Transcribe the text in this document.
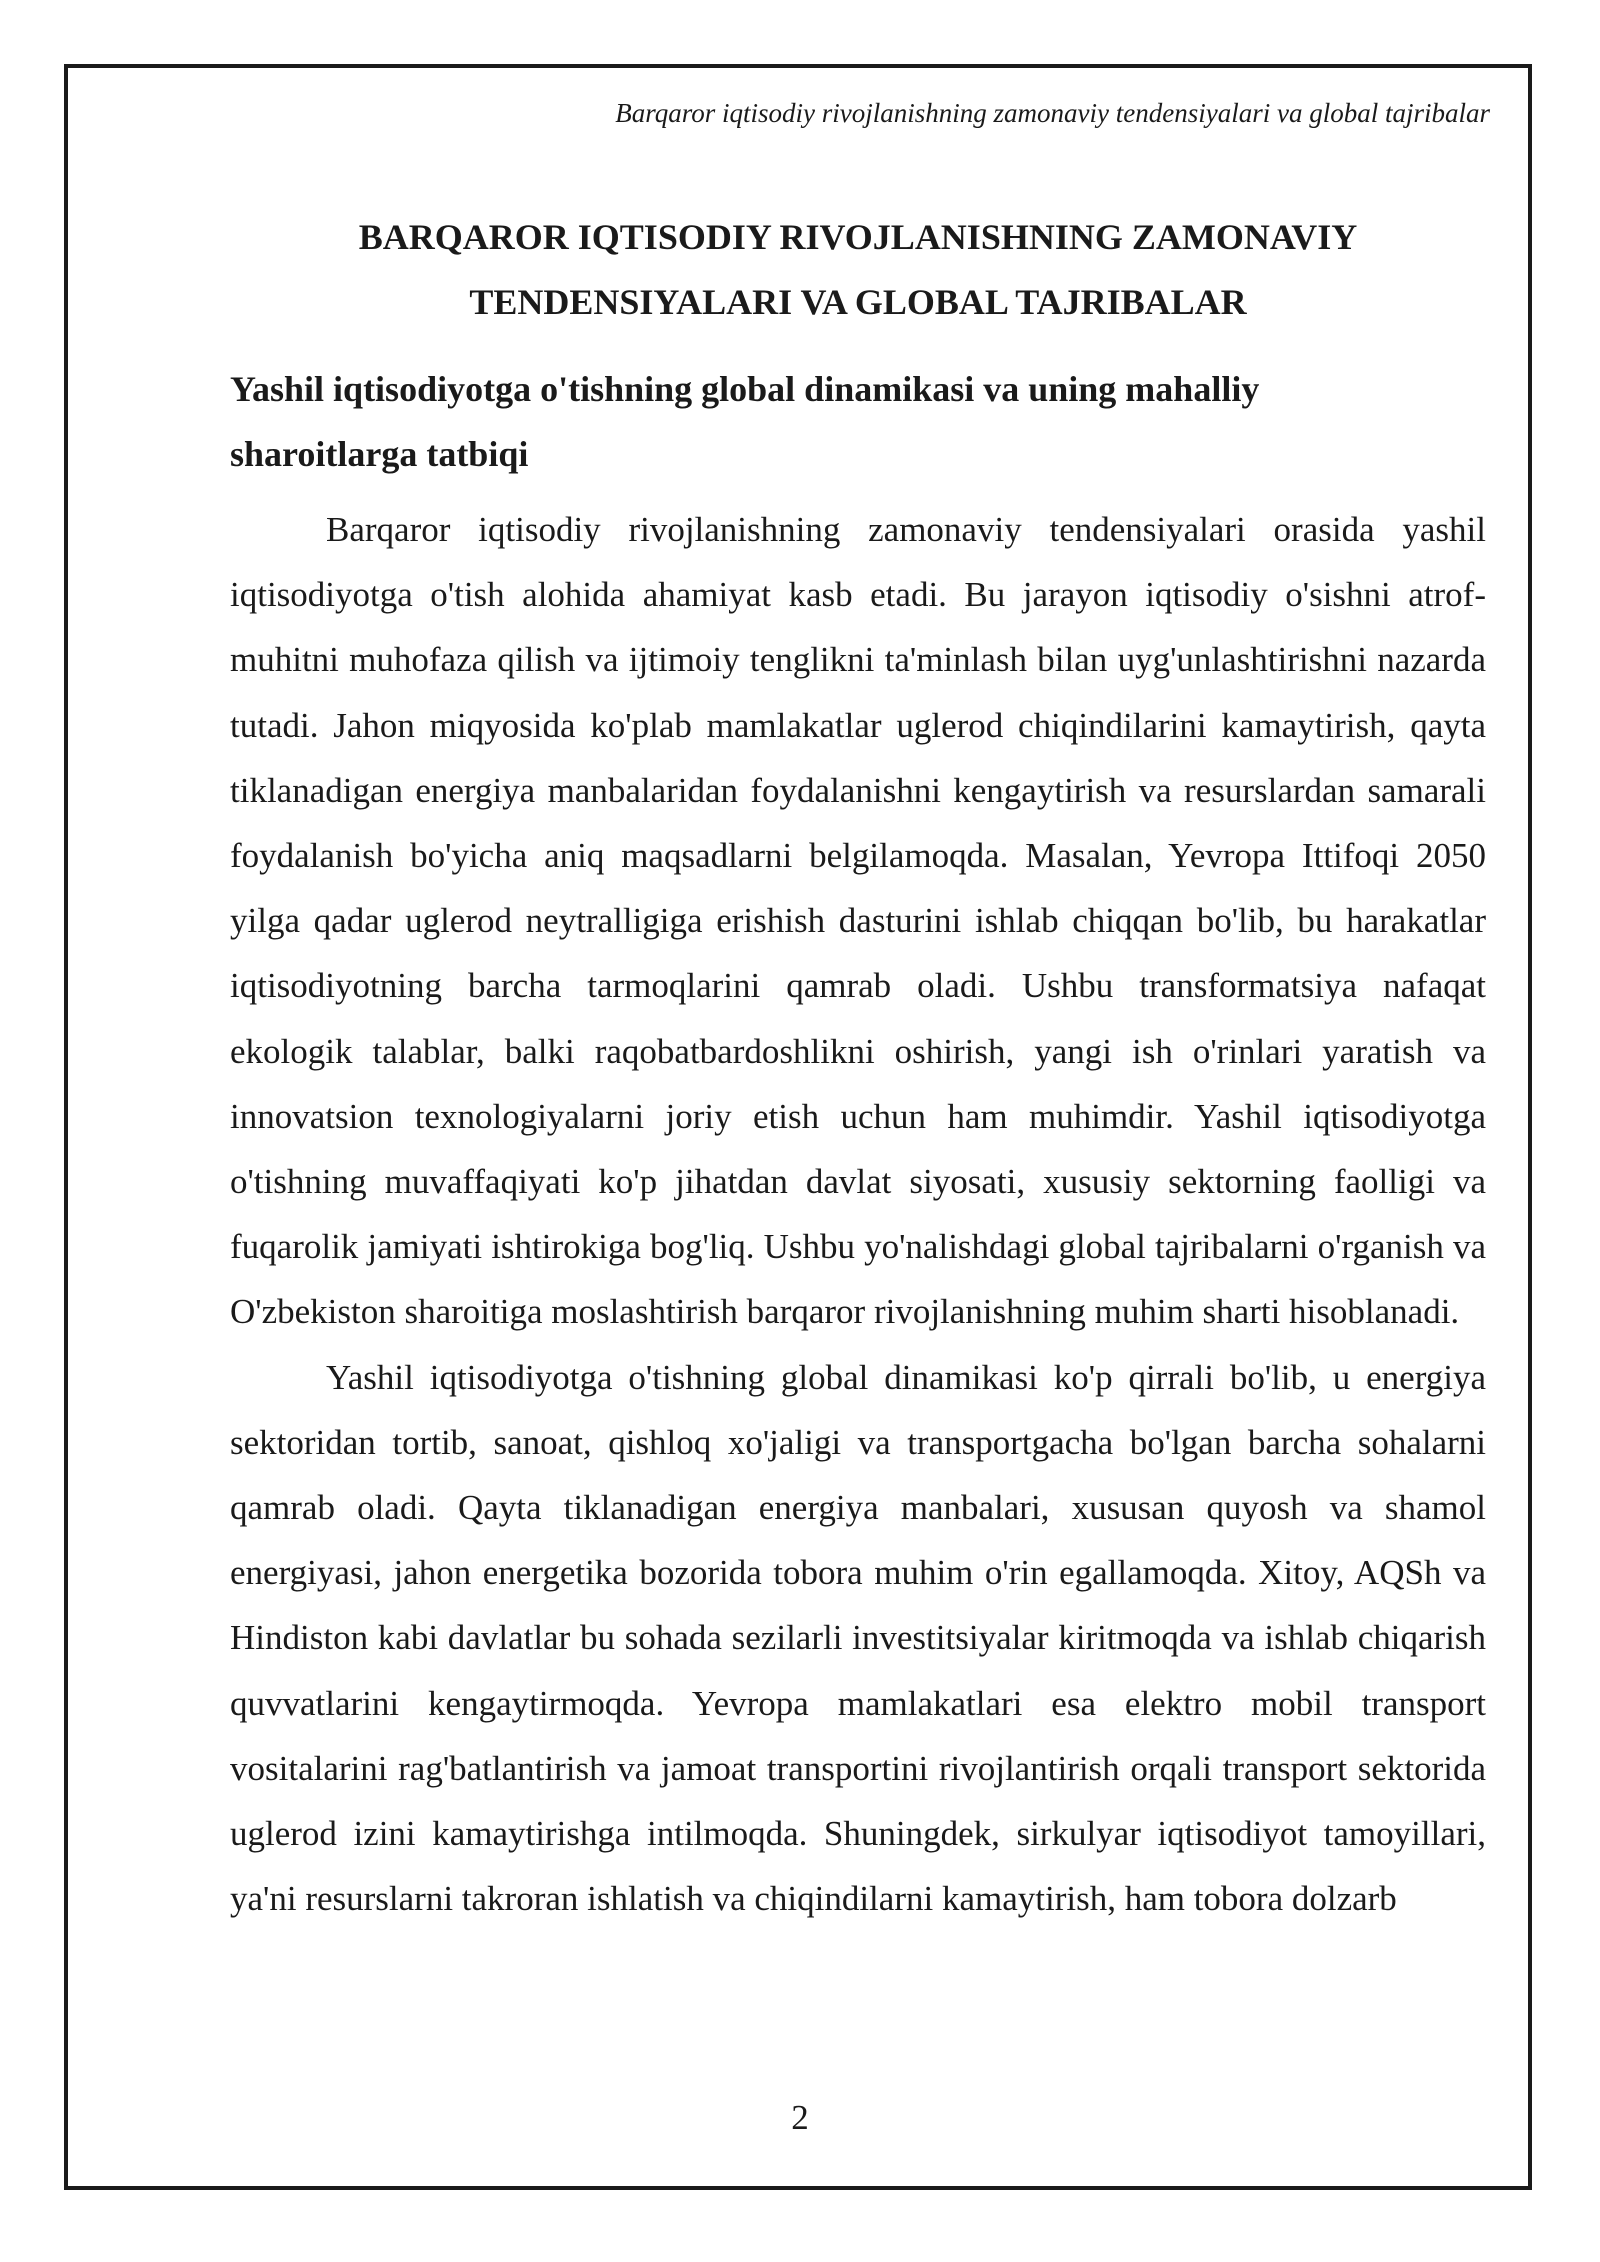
Barqaror iqtisodiy rivojlanishning zamonaviy tendensiyalari va global tajribalar
BARQAROR IQTISODIY RIVOJLANISHNING ZAMONAVIY
TENDENSIYALARI VA GLOBAL TAJRIBALAR
Yashil iqtisodiyotga o'tishning global dinamikasi va uning mahalliy sharoitlarga tatbiqi

Barqaror iqtisodiy rivojlanishning zamonaviy tendensiyalari orasida yashil iqtisodiyotga o'tish alohida ahamiyat kasb etadi. Bu jarayon iqtisodiy o'sishni atrof-muhitni muhofaza qilish va ijtimoiy tenglikni ta'minlash bilan uyg'unlashtirishni nazarda tutadi. Jahon miqyosida ko'plab mamlakatlar uglerod chiqindilarini kamaytirish, qayta tiklanadigan energiya manbalaridan foydalanishni kengaytirish va resurslardan samarali foydalanish bo'yicha aniq maqsadlarni belgilamoqda. Masalan, Yevropa Ittifoqi 2050 yilga qadar uglerod neytralligiga erishish dasturini ishlab chiqqan bo'lib, bu harakatlar iqtisodiyotning barcha tarmoqlarini qamrab oladi. Ushbu transformatsiya nafaqat ekologik talablar, balki raqobatbardoshlikni oshirish, yangi ish o'rinlari yaratish va innovatsion texnologiyalarni joriy etish uchun ham muhimdir. Yashil iqtisodiyotga o'tishning muvaffaqiyati ko'p jihatdan davlat siyosati, xususiy sektorning faolligi va fuqarolik jamiyati ishtirokiga bog'liq. Ushbu yo'nalishdagi global tajribalarni o'rganish va O'zbekiston sharoitiga moslashtirish barqaror rivojlanishning muhim sharti hisoblanadi.

Yashil iqtisodiyotga o'tishning global dinamikasi ko'p qirrali bo'lib, u energiya sektoridan tortib, sanoat, qishloq xo'jaligi va transportgacha bo'lgan barcha sohalarni qamrab oladi. Qayta tiklanadigan energiya manbalari, xususan quyosh va shamol energiyasi, jahon energetika bozorida tobora muhim o'rin egallamoqda. Xitoy, AQSh va Hindiston kabi davlatlar bu sohada sezilarli investitsiyalar kiritmoqda va ishlab chiqarish quvvatlarini kengaytirmoqda. Yevropa mamlakatlari esa elektro mobil transport vositalarini rag'batlantirish va jamoat transportini rivojlantirish orqali transport sektorida uglerod izini kamaytirishga intilmoqda. Shuningdek, sirkulyar iqtisodiyot tamoyillari, ya'ni resurslarni takroran ishlatish va chiqindilarni kamaytirish, ham tobora dolzarb

2
